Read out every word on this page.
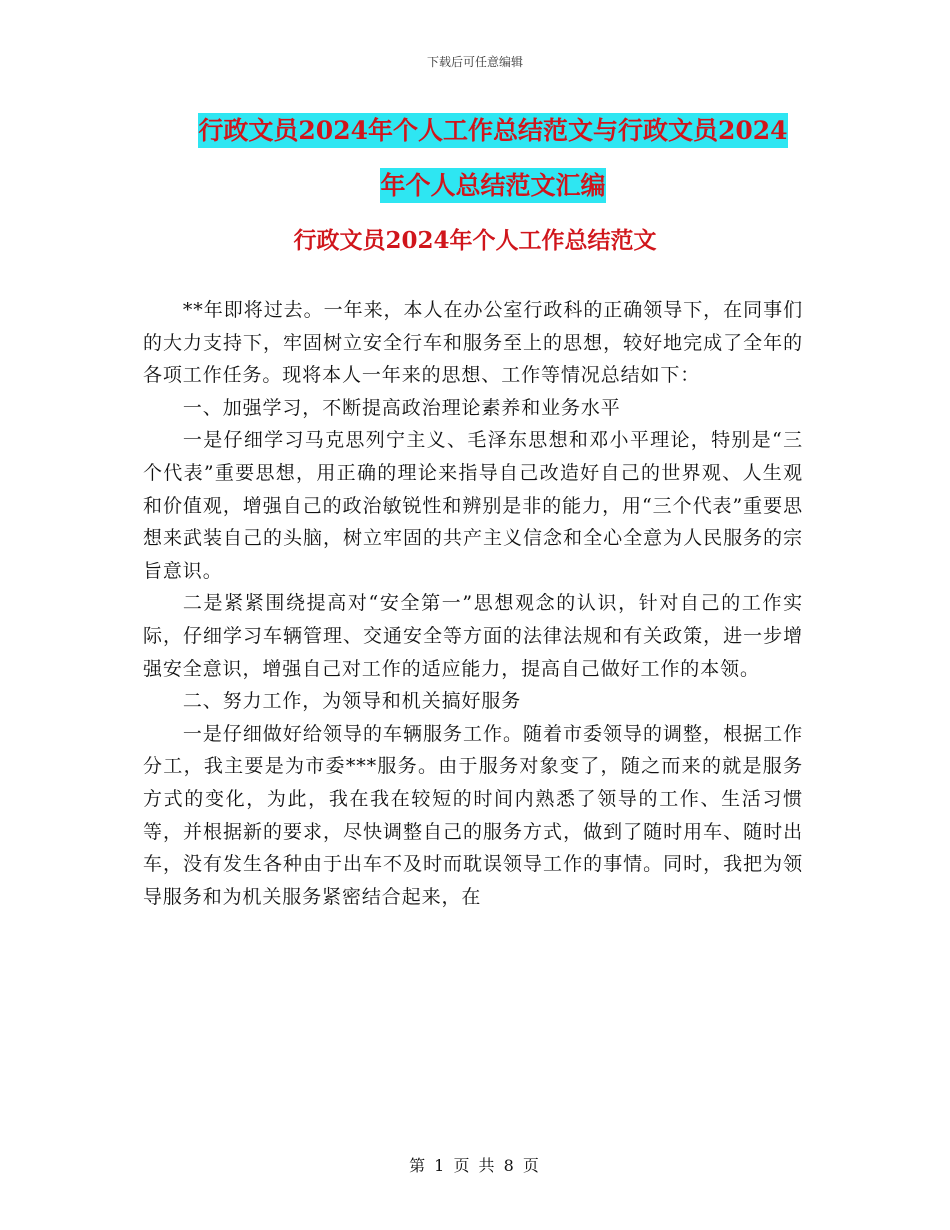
下载后可任意编辑
行政文员2024年个人工作总结范文与行政文员2024
年个人总结范文汇编
行政文员2024年个人工作总结范文

**年即将过去。一年来，本人在办公室行政科的正确领导下，在同事们的大力支持下，牢固树立安全行车和服务至上的思想，较好地完成了全年的各项工作任务。现将本人一年来的思想、工作等情况总结如下：

一、加强学习，不断提高政治理论素养和业务水平

一是仔细学习马克思列宁主义、毛泽东思想和邓小平理论，特别是“三个代表”重要思想，用正确的理论来指导自己改造好自己的世界观、人生观和价值观，增强自己的政治敏锐性和辨别是非的能力，用“三个代表”重要思想来武装自己的头脑，树立牢固的共产主义信念和全心全意为人民服务的宗旨意识。

二是紧紧围绕提高对“安全第一”思想观念的认识，针对自己的工作实际，仔细学习车辆管理、交通安全等方面的法律法规和有关政策，进一步增强安全意识，增强自己对工作的适应能力，提高自己做好工作的本领。

二、努力工作，为领导和机关搞好服务

一是仔细做好给领导的车辆服务工作。随着市委领导的调整，根据工作分工，我主要是为市委***服务。由于服务对象变了，随之而来的就是服务方式的变化，为此，我在我在较短的时间内熟悉了领导的工作、生活习惯等，并根据新的要求，尽快调整自己的服务方式，做到了随时用车、随时出车，没有发生各种由于出车不及时而耽误领导工作的事情。同时，我把为领导服务和为机关服务紧密结合起来，在

第 1 页 共 8 页
